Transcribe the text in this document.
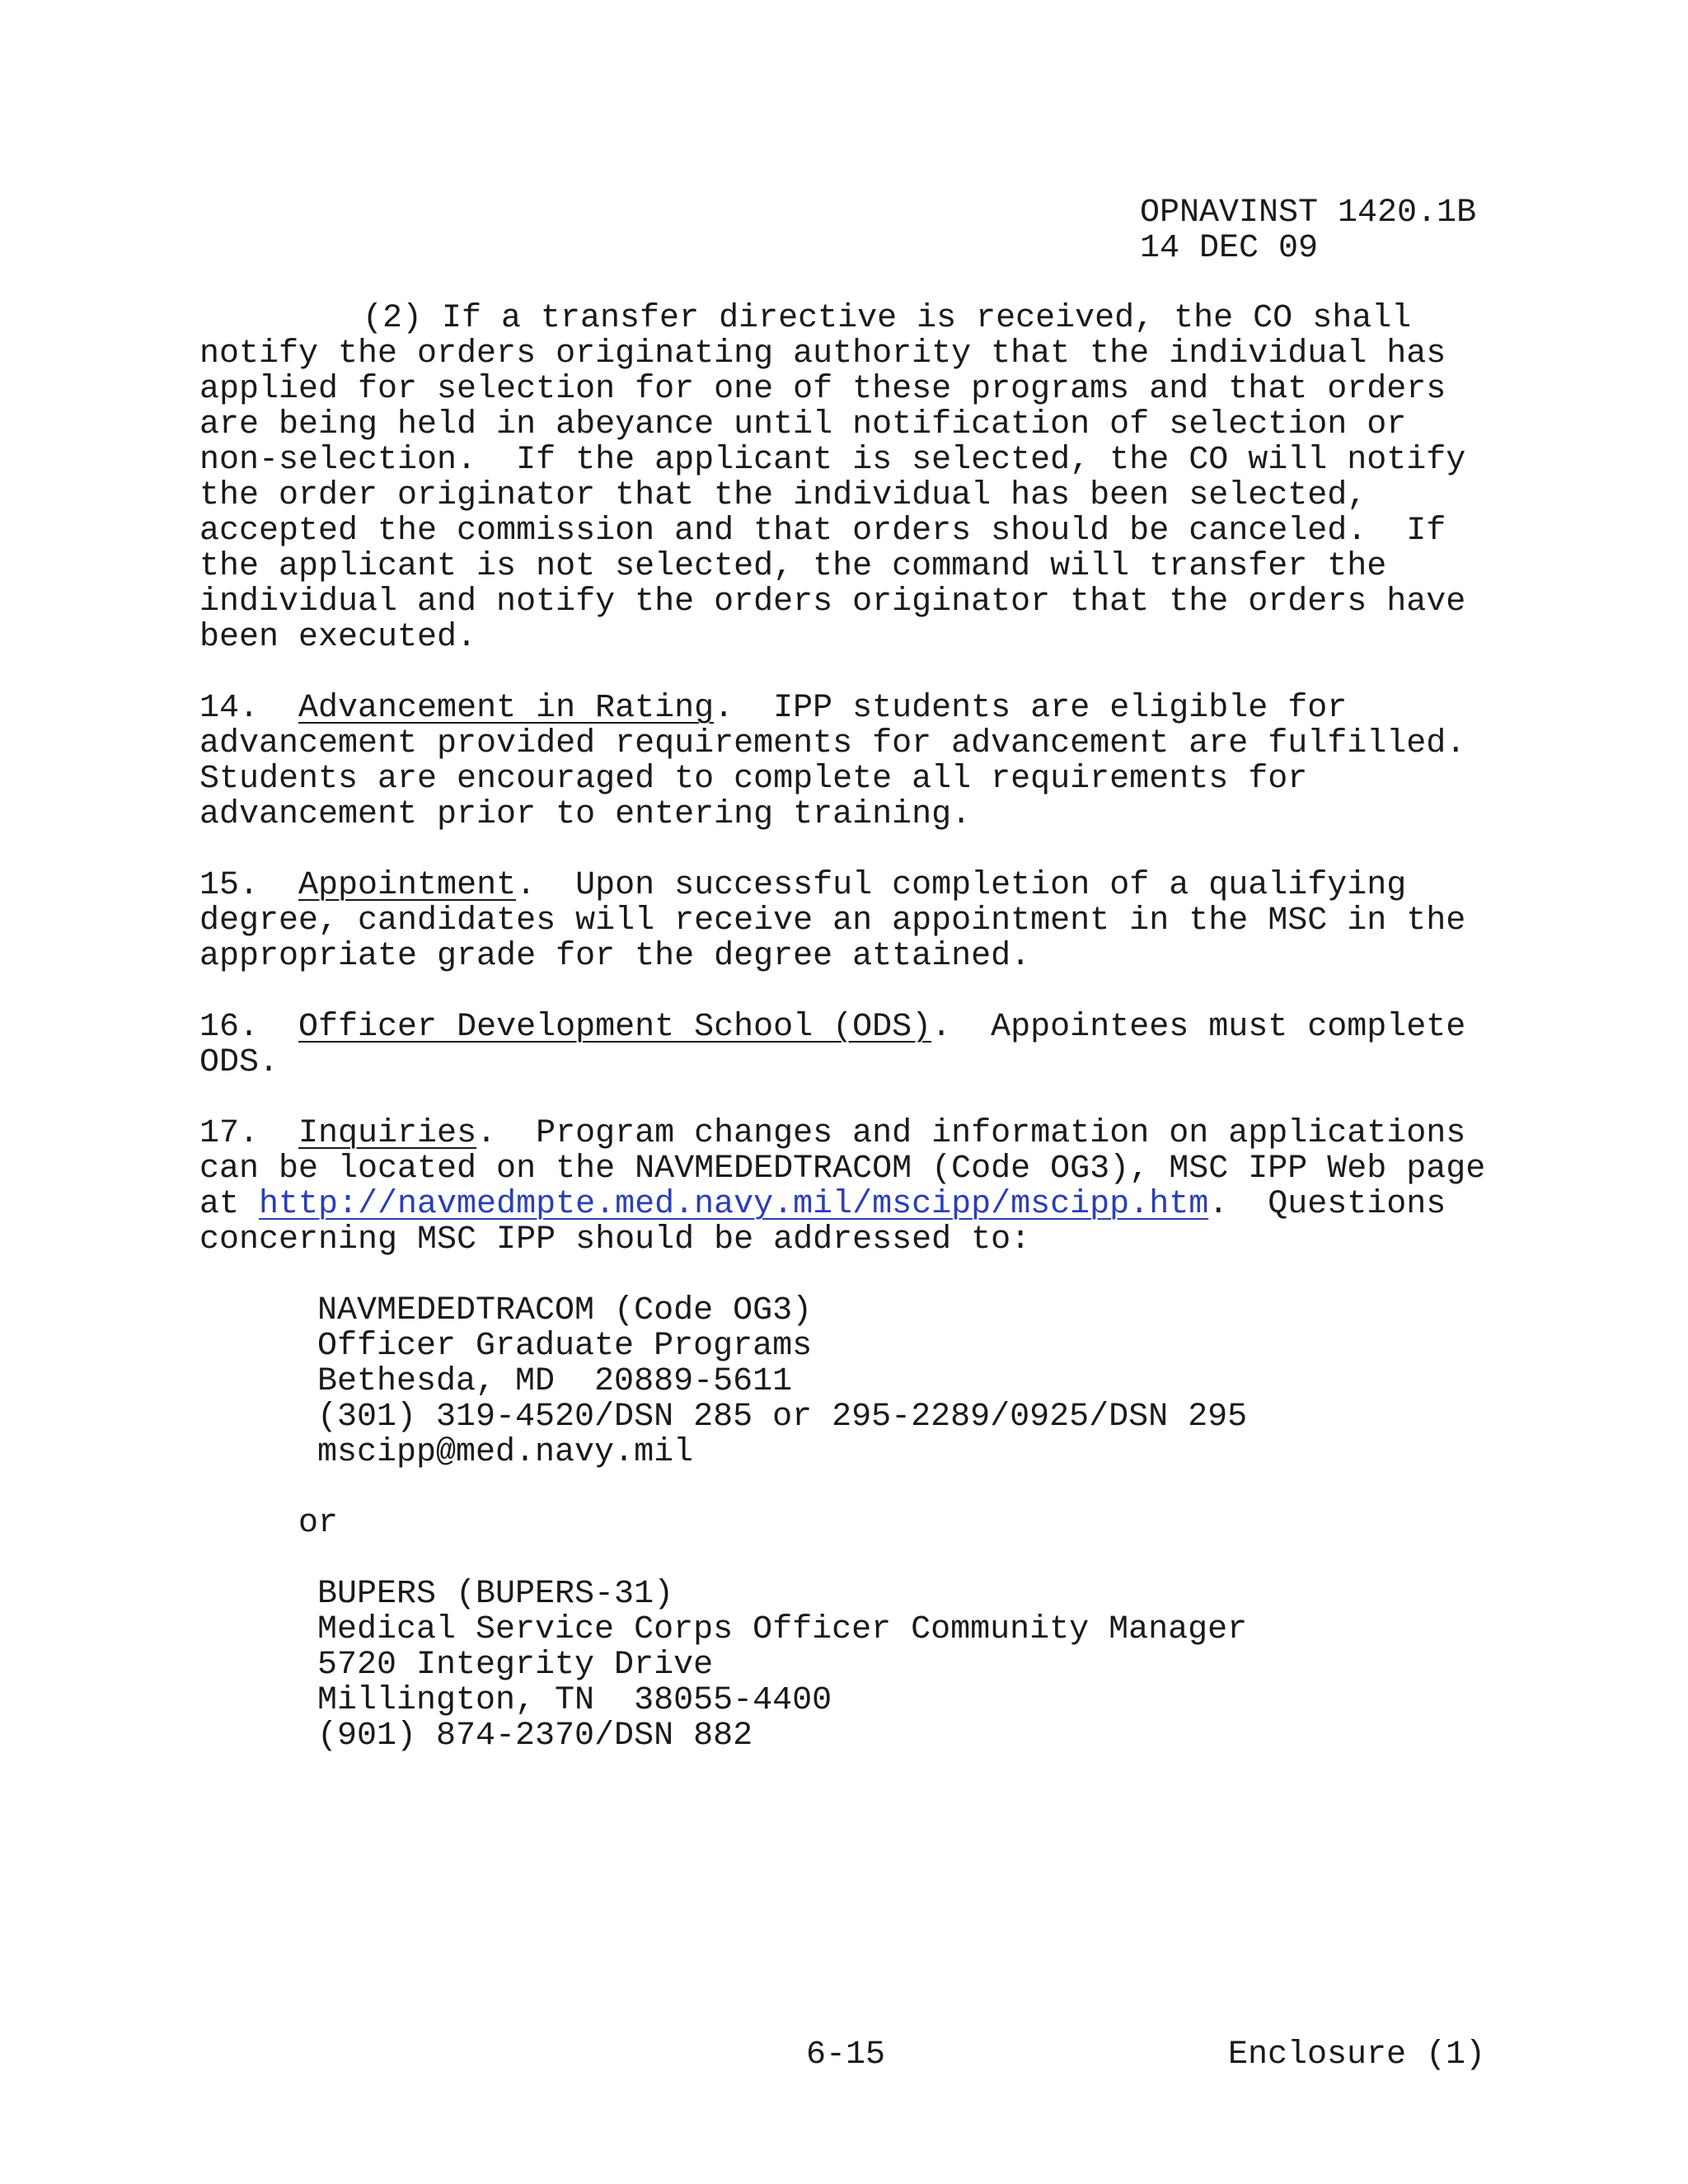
OPNAVINST 1420.1B
14 DEC 09
(2) If a transfer directive is received, the CO shall
notify the orders originating authority that the individual has
applied for selection for one of these programs and that orders
are being held in abeyance until notification of selection or
non-selection.  If the applicant is selected, the CO will notify
the order originator that the individual has been selected,
accepted the commission and that orders should be canceled.  If
the applicant is not selected, the command will transfer the
individual and notify the orders originator that the orders have
been executed.
14. Advancement in Rating.  IPP students are eligible for
advancement provided requirements for advancement are fulfilled.
Students are encouraged to complete all requirements for
advancement prior to entering training.
15. Appointment.  Upon successful completion of a qualifying
degree, candidates will receive an appointment in the MSC in the
appropriate grade for the degree attained.
16. Officer Development School (ODS).  Appointees must complete
ODS.
17. Inquiries.  Program changes and information on applications
can be located on the NAVMEDEDTRACOM (Code OG3), MSC IPP Web page
at http://navmedmpte.med.navy.mil/mscipp/mscipp.htm.  Questions
concerning MSC IPP should be addressed to:
NAVMEDEDTRACOM (Code OG3)
Officer Graduate Programs
Bethesda, MD  20889-5611
(301) 319-4520/DSN 285 or 295-2289/0925/DSN 295
mscipp@med.navy.mil
or
BUPERS (BUPERS-31)
Medical Service Corps Officer Community Manager
5720 Integrity Drive
Millington, TN  38055-4400
(901) 874-2370/DSN 882
6-15	Enclosure (1)
